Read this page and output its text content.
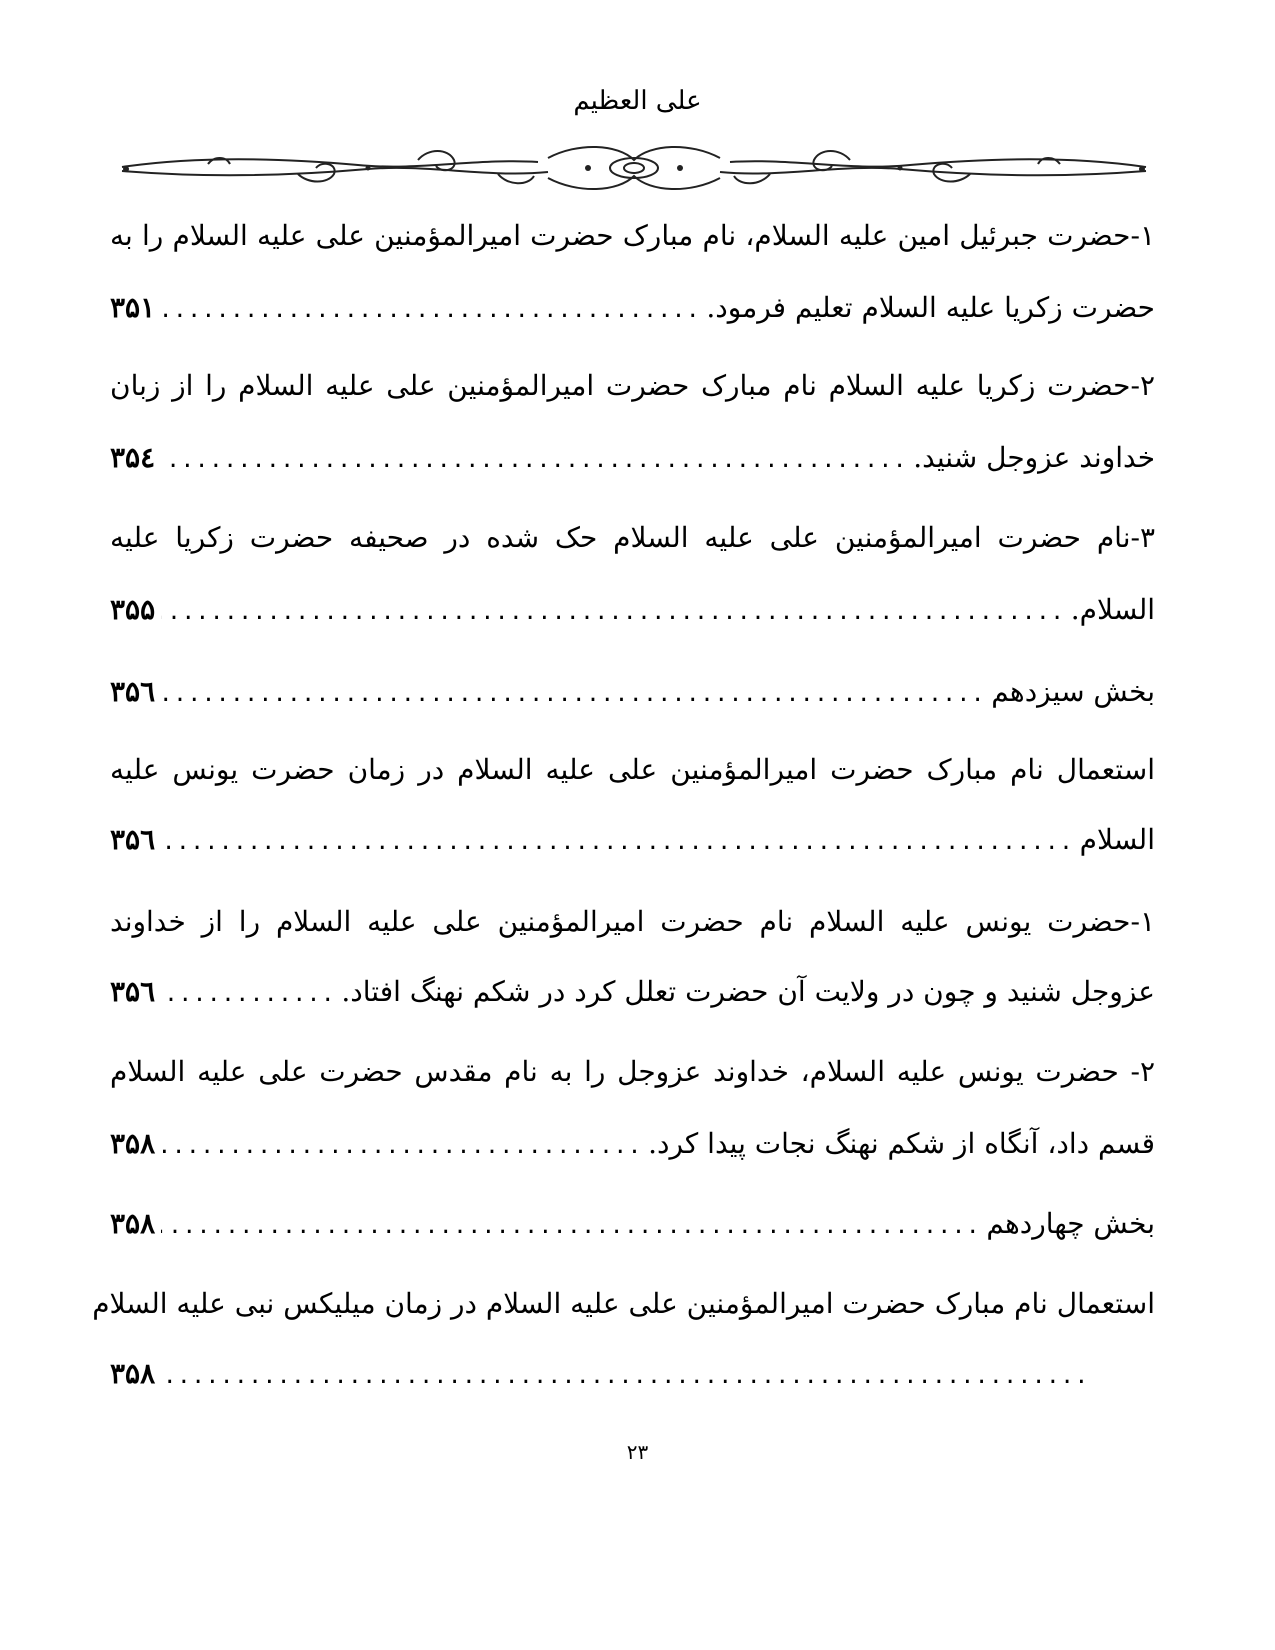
علی العظیم
۱-حضرت جبرئیل امین علیه السلام، نام مبارک حضرت امیرالمؤمنین علی علیه السلام را به
حضرت زکریا علیه السلام تعلیم فرمود.
.....
۳۵۱
۲-حضرت زکریا علیه السلام نام مبارک حضرت امیرالمؤمنین علی علیه السلام را از زبان
خداوند عزوجل شنید.
.....
۳۵٤
۳-نام حضرت امیرالمؤمنین علی علیه السلام حک شده در صحیفه حضرت زکریا علیه
السلام.
.....
۳۵۵
بخش سیزدهم
.....
۳۵٦
استعمال نام مبارک حضرت امیرالمؤمنین علی علیه السلام در زمان حضرت یونس علیه
السلام
.....
۳۵٦
۱-حضرت یونس علیه السلام نام حضرت امیرالمؤمنین علی علیه السلام را از خداوند
عزوجل شنید و چون در ولایت آن حضرت تعلل کرد در شکم نهنگ افتاد.
.....
۳۵٦
۲- حضرت یونس علیه السلام، خداوند عزوجل را به نام مقدس حضرت علی علیه السلام
قسم داد، آنگاه از شکم نهنگ نجات پیدا کرد.
.....
۳۵۸
بخش چهاردهم
.....
۳۵۸
استعمال نام مبارک حضرت امیرالمؤمنین علی علیه السلام در زمان میلیکس نبی علیه السلام
.....
۳۵۸
۲۳
